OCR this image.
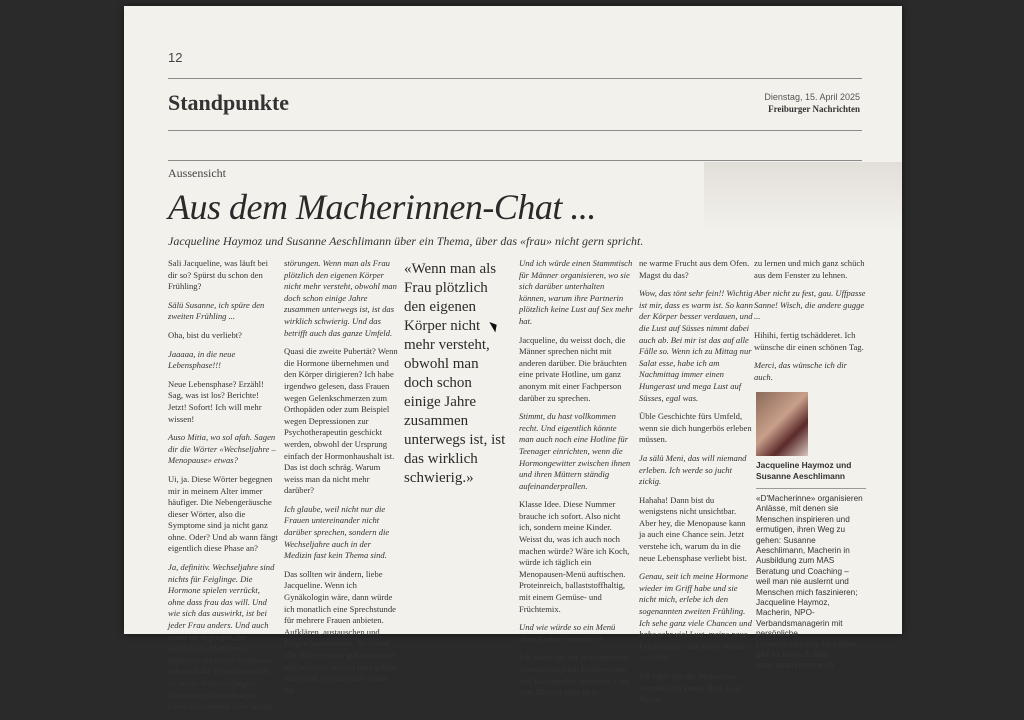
12
Standpunkte	Dienstag, 15. April 2025
Freiburger Nachrichten
Aussensicht
Aus dem Macherinnen-Chat ...
Jacqueline Haymoz und Susanne Aeschlimann über ein Thema, über das «frau» nicht gern spricht.

Sali Jacqueline, was läuft bei dir so? Spürst du schon den Frühling?

Sälü Susanne, ich spüre den zweiten Frühling ...

Oha, bist du verliebt?

Jaaaaa, in die neue Lebensphase!!!

Neue Lebensphase? Erzähl! Sag, was ist los? Berichte! Jetzt! Sofort! Ich will mehr wissen!

Auso Mitia, wo sol afah. Sagen dir die Wörter «Wechseljahre – Menopause» etwas?

Ui, ja. Diese Wörter begegnen mir in meinem Alter immer häufiger. Die Nebengeräusche dieser Wörter, also die Symptome sind ja nicht ganz ohne. Oder? Und ab wann fängt eigentlich diese Phase an?

Ja, definitiv. Wechseljahre sind nichts für Feiglinge. Die Hormone spielen verrückt, ohne dass frau das will. Und wie sich das auswirkt, ist bei jeder Frau anders. Und auch wann sie anfangen, ist individuell. Manchmal beginnen die ersten Symptome schon ab 40. Es sind nämlich nicht nur Hitzewallungen, Stimmungsschwankungen, Gewichtszunahme oder Schlaf-

störungen. Wenn man als Frau plötzlich den eigenen Körper nicht mehr versteht, obwohl man doch schon einige Jahre zusammen unterwegs ist, ist das wirklich schwierig. Und das betrifft auch das ganze Umfeld.

Quasi die zweite Pubertät? Wenn die Hormone übernehmen und den Körper dirigieren? Ich habe irgendwo gelesen, dass Frauen wegen Gelenkschmerzen zum Orthopäden oder zum Beispiel wegen Depressionen zur Psychotherapeutin geschickt werden, obwohl der Ursprung einfach der Hormonhaushalt ist. Das ist doch schräg. Warum weiss man da nicht mehr darüber?

Ich glaube, weil nicht nur die Frauen untereinander nicht darüber sprechen, sondern die Wechseljahre auch in der Medizin fast kein Thema sind.

Das sollten wir ändern, liebe Jacqueline. Wenn ich Gynäkologin wäre, dann würde ich monatlich eine Sprechstunde für mehrere Frauen anbieten. Aufklären, austauschen und Fragen beantworten. So wären alle sicher einmal gut informiert und wüssten, worauf man achten sollte und wie man sich Gutes tut.

«Wenn man als Frau plötzlich den eigenen Körper nicht mehr versteht, obwohl man doch schon einige Jahre zusammen unterwegs ist, ist das wirklich schwierig.»

Und ich würde einen Stammtisch für Männer organisieren, wo sie sich darüber unterhalten können, warum ihre Partnerin plötzlich keine Lust auf Sex mehr hat.

Jacqueline, du weisst doch, die Männer sprechen nicht mit anderen darüber. Die bräuchten eine private Hotline, um ganz anonym mit einer Fachperson darüber zu sprechen.

Stimmt, du hast vollkommen recht. Und eigentlich könnte man auch noch eine Hotline für Teenager einrichten, wenn die Hormongewitter zwischen ihnen und ihren Müttern ständig aufeinanderprallen.

Klasse Idee. Diese Nummer brauche ich sofort. Also nicht ich, sondern meine Kinder. Weisst du, was ich auch noch machen würde? Wäre ich Koch, würde ich täglich ein Menopausen-Menü auftischen. Proteinreich, ballaststoffhaltig, mit einem Gemüse- und Früchtemix.

Und wie würde so ein Menü denn konkret aussehen?

Ich würde dir ein ayurvedisches Gemüsecurry mit Kichererbsen und Kokosmilch servieren. Und zum Dessert gäbe es ei-

ne warme Frucht aus dem Ofen. Magst du das?

Wow, das tönt sehr fein!! Wichtig ist mir, dass es warm ist. So kann der Körper besser verdauen, und die Lust auf Süsses nimmt dabei auch ab. Bei mir ist das auf alle Fälle so. Wenn ich zu Mittag nur Salat esse, habe ich am Nachmittag immer einen Hungerast und mega Lust auf Süsses, egal was.

Üble Geschichte fürs Umfeld, wenn sie dich hungerbös erleben müssen.

Ja sälü Meni, das will niemand erleben. Ich werde so jucht zickig.

Hahaha! Dann bist du wenigstens nicht unsichtbar. Aber hey, die Menopause kann ja auch eine Chance sein. Jetzt verstehe ich, warum du in die neue Lebensphase verliebt bist.

Genau, seit ich meine Hormone wieder im Griff habe und sie nicht mich, erlebe ich den sogenannten zweiten Frühling. Ich sehe ganz viele Chancen und habe sehr viel Lust, meine neue Erfahrungen und meine Wissen zu teilen.

Ich fühle mit dir. Momentan verspüre ich genau diese Lust. Neues

zu lernen und mich ganz schüch aus dem Fenster zu lehnen.

Aber nicht zu fest, gau. Uffpasse Sanne! Wisch, die andere gugge ...

Hihihi, fertig tschädderet. Ich wünsche dir einen schönen Tag.

Merci, das wünsche ich dir auch.

Jacqueline Haymoz und Susanne Aeschlimann
«D'Macherinne» organisieren Anlässe, mit denen sie Menschen inspirieren und ermutigen, ihren Weg zu gehen: Susanne Aeschlimann, Macherin in Ausbildung zum MAS Beratung und Coaching – weil man nie auslernt und Menschen mich faszinieren; Jacqueline Haymoz, Macherin, NPO-Verbandsmanagerin mit persönliche Lebenserfahrung: im Leben gibt es keine Zufälle. www.dmacherinne.ch
